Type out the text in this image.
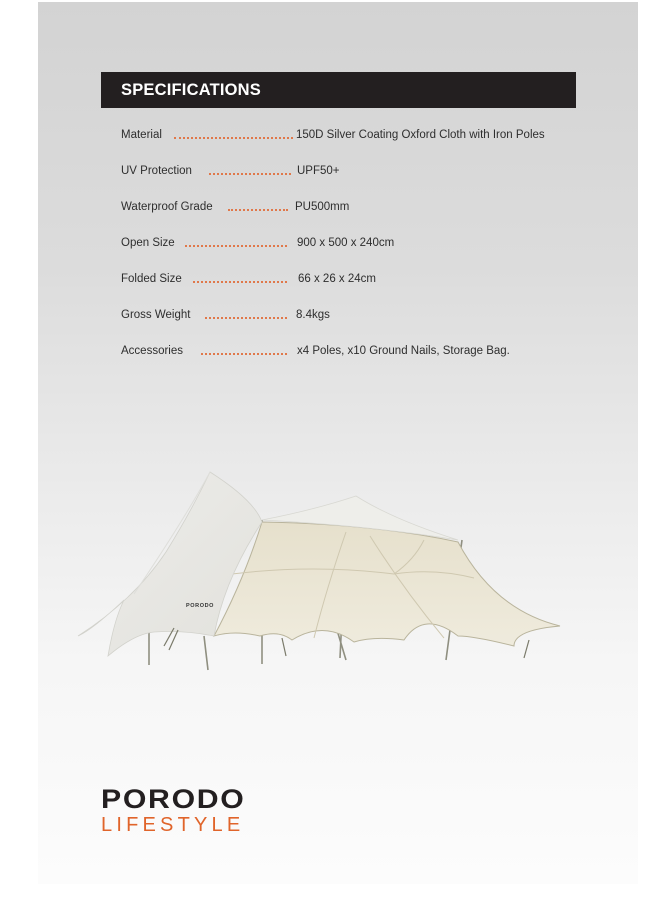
SPECIFICATIONS
Material	150D Silver Coating Oxford Cloth with Iron Poles
UV Protection	UPF50+
Waterproof Grade	PU500mm
Open Size	900 x 500 x 240cm
Folded Size	66 x 26 x 24cm
Gross Weight	8.4kgs
Accessories	x4 Poles, x10 Ground Nails, Storage Bag.
PORODO
PORODO
LIFESTYLE
